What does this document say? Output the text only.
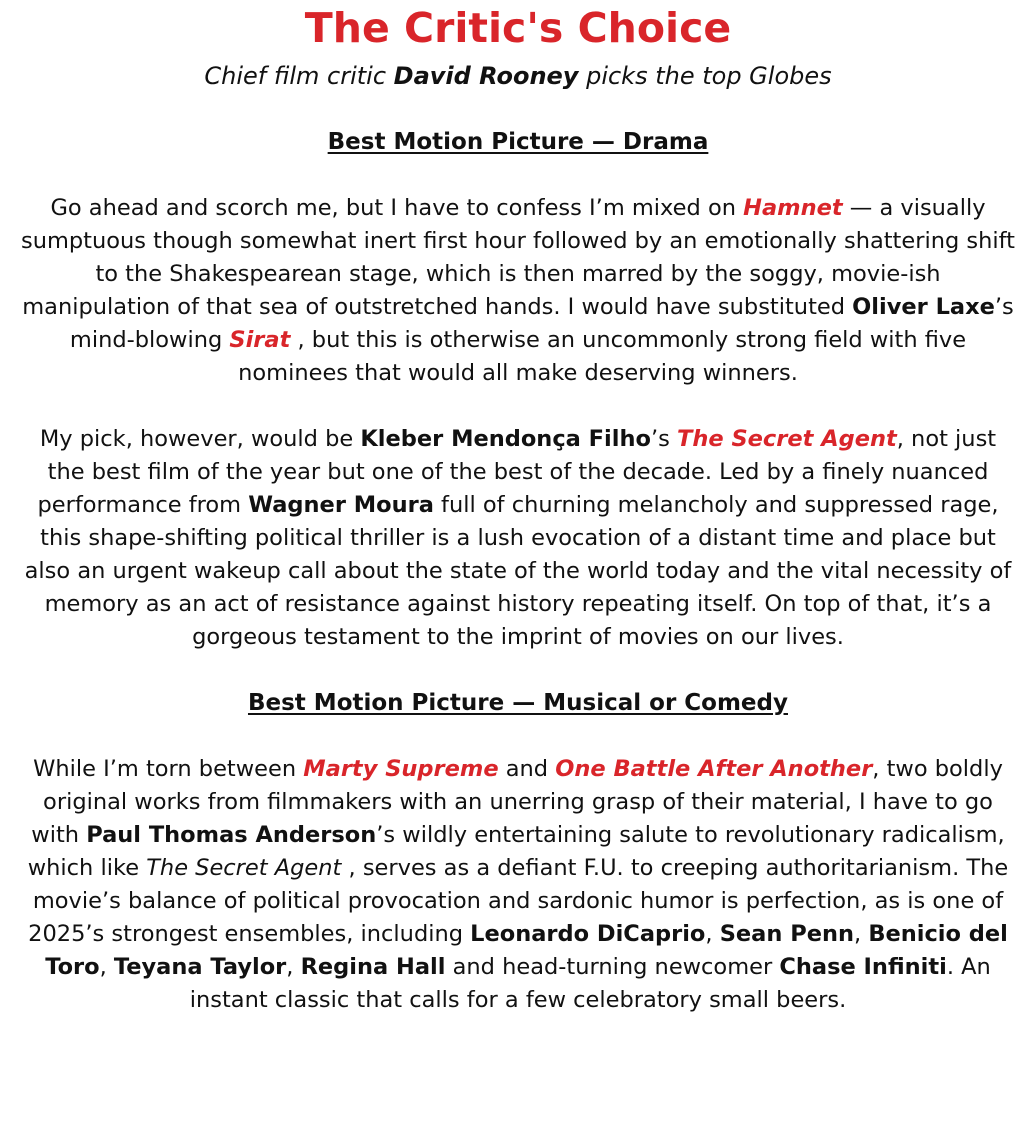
The Critic's Choice

Chief film critic David Rooney picks the top Globes

Best Motion Picture — Drama

Go ahead and scorch me, but I have to confess I’m mixed on Hamnet — a visually sumptuous though somewhat inert first hour followed by an emotionally shattering shift to the Shakespearean stage, which is then marred by the soggy, movie-ish manipulation of that sea of outstretched hands. I would have substituted Oliver Laxe’s mind-blowing Sirat , but this is otherwise an uncommonly strong field with five nominees that would all make deserving winners.

My pick, however, would be Kleber Mendonça Filho’s The Secret Agent, not just the best film of the year but one of the best of the decade. Led by a finely nuanced performance from Wagner Moura full of churning melancholy and suppressed rage, this shape-shifting political thriller is a lush evocation of a distant time and place but also an urgent wakeup call about the state of the world today and the vital necessity of memory as an act of resistance against history repeating itself. On top of that, it’s a gorgeous testament to the imprint of movies on our lives.

Best Motion Picture — Musical or Comedy

While I’m torn between Marty Supreme and One Battle After Another, two boldly original works from filmmakers with an unerring grasp of their material, I have to go with Paul Thomas Anderson’s wildly entertaining salute to revolutionary radicalism, which like The Secret Agent , serves as a defiant F.U. to creeping authoritarianism. The movie’s balance of political provocation and sardonic humor is perfection, as is one of 2025’s strongest ensembles, including Leonardo DiCaprio, Sean Penn, Benicio del Toro, Teyana Taylor, Regina Hall and head-turning newcomer Chase Infiniti. An instant classic that calls for a few celebratory small beers.
